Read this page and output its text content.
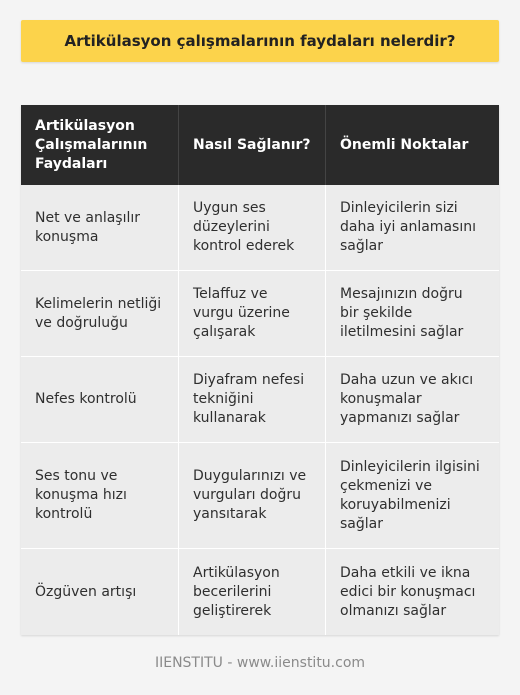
Artikülasyon çalışmalarının faydaları nelerdir?
Artikülasyon Çalışmalarının Faydaları
Nasıl Sağlanır?	Önemli Noktalar
Net ve anlaşılır konuşma
Uygun ses düzeylerini kontrol ederek
Dinleyicilerin sizi daha iyi anlamasını sağlar
Kelimelerin netliği ve doğruluğu
Telaffuz ve vurgu üzerine çalışarak
Mesajınızın doğru bir şekilde iletilmesini sağlar
Nefes kontrolü
Diyafram nefesi tekniğini kullanarak
Daha uzun ve akıcı konuşmalar yapmanızı sağlar
Ses tonu ve konuşma hızı kontrolü
Duygularınızı ve vurguları doğru yansıtarak
Dinleyicilerin ilgisini çekmenizi ve koruyabilmenizi sağlar
Özgüven artışı
Artikülasyon becerilerini geliştirerek
Daha etkili ve ikna edici bir konuşmacı olmanızı sağlar
IIENSTITU - www.iienstitu.com
